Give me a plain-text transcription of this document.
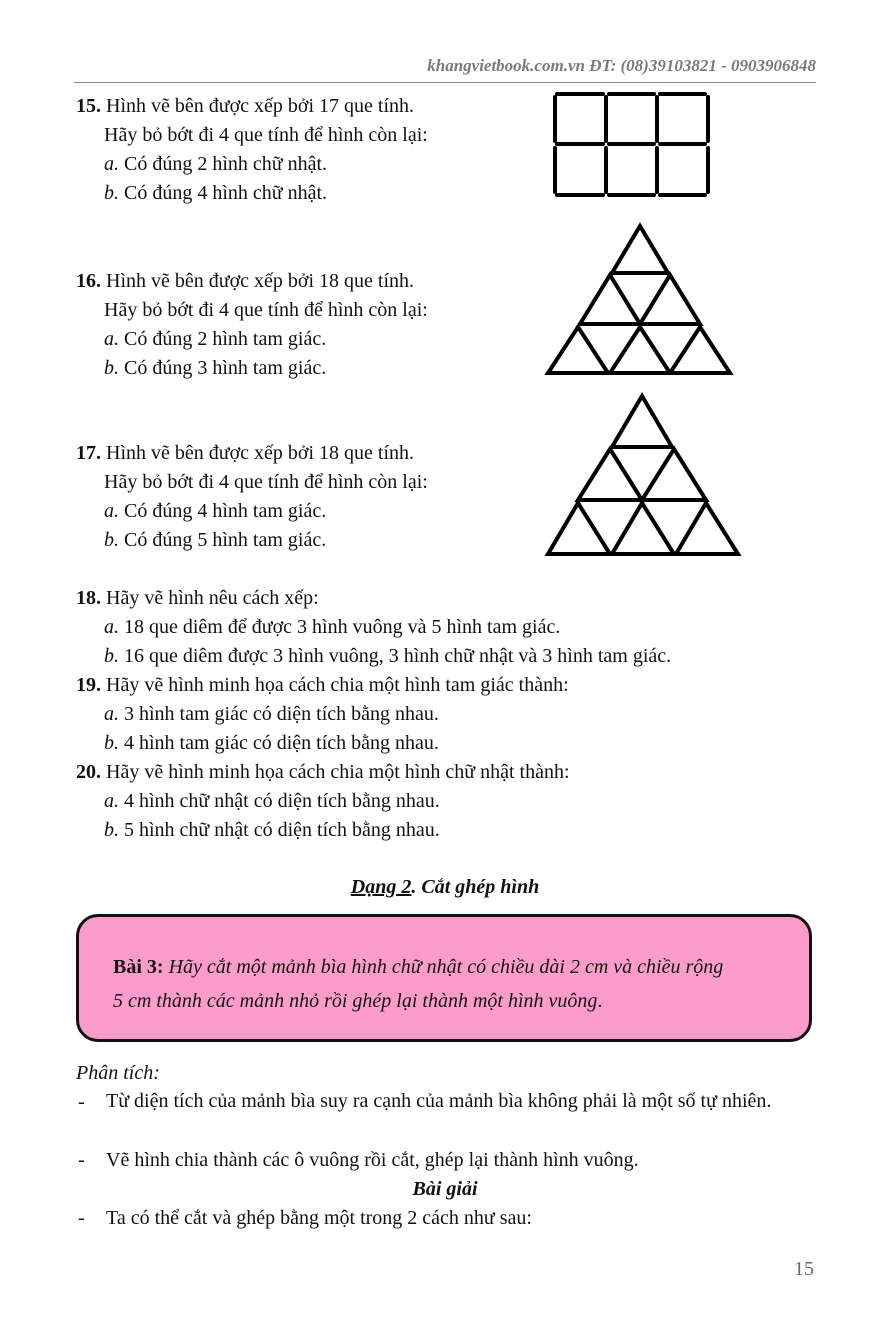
khangvietbook.com.vn ĐT: (08)39103821 - 0903906848
15. Hình vẽ bên được xếp bởi 17 que tính.
Hãy bỏ bớt đi 4 que tính để hình còn lại:
a. Có đúng 2 hình chữ nhật.
b. Có đúng 4 hình chữ nhật.
16. Hình vẽ bên được xếp bởi 18 que tính.
Hãy bỏ bớt đi 4 que tính để hình còn lại:
a. Có đúng 2 hình tam giác.
b. Có đúng 3 hình tam giác.
17. Hình vẽ bên được xếp bởi 18 que tính.
Hãy bỏ bớt đi 4 que tính để hình còn lại:
a. Có đúng 4 hình tam giác.
b. Có đúng 5 hình tam giác.
18. Hãy vẽ hình nêu cách xếp:
a. 18 que diêm để được 3 hình vuông và 5 hình tam giác.
b. 16 que diêm được 3 hình vuông, 3 hình chữ nhật và 3 hình tam giác.
19. Hãy vẽ hình minh họa cách chia một hình tam giác thành:
a. 3 hình tam giác có diện tích bằng nhau.
b. 4 hình tam giác có diện tích bằng nhau.
20. Hãy vẽ hình minh họa cách chia một hình chữ nhật thành:
a. 4 hình chữ nhật có diện tích bằng nhau.
b. 5 hình chữ nhật có diện tích bằng nhau.
Dạng 2. Cắt ghép hình
Bài 3: Hãy cắt một mảnh bìa hình chữ nhật có chiều dài 2 cm và chiều rộng
5 cm thành các mảnh nhỏ rồi ghép lại thành một hình vuông.
Phân tích:
- Từ diện tích của mảnh bìa suy ra cạnh của mảnh bìa không phải là một số tự nhiên.
- Vẽ hình chia thành các ô vuông rồi cắt, ghép lại thành hình vuông.
Bài giải
- Ta có thể cắt và ghép bằng một trong 2 cách như sau:
15
